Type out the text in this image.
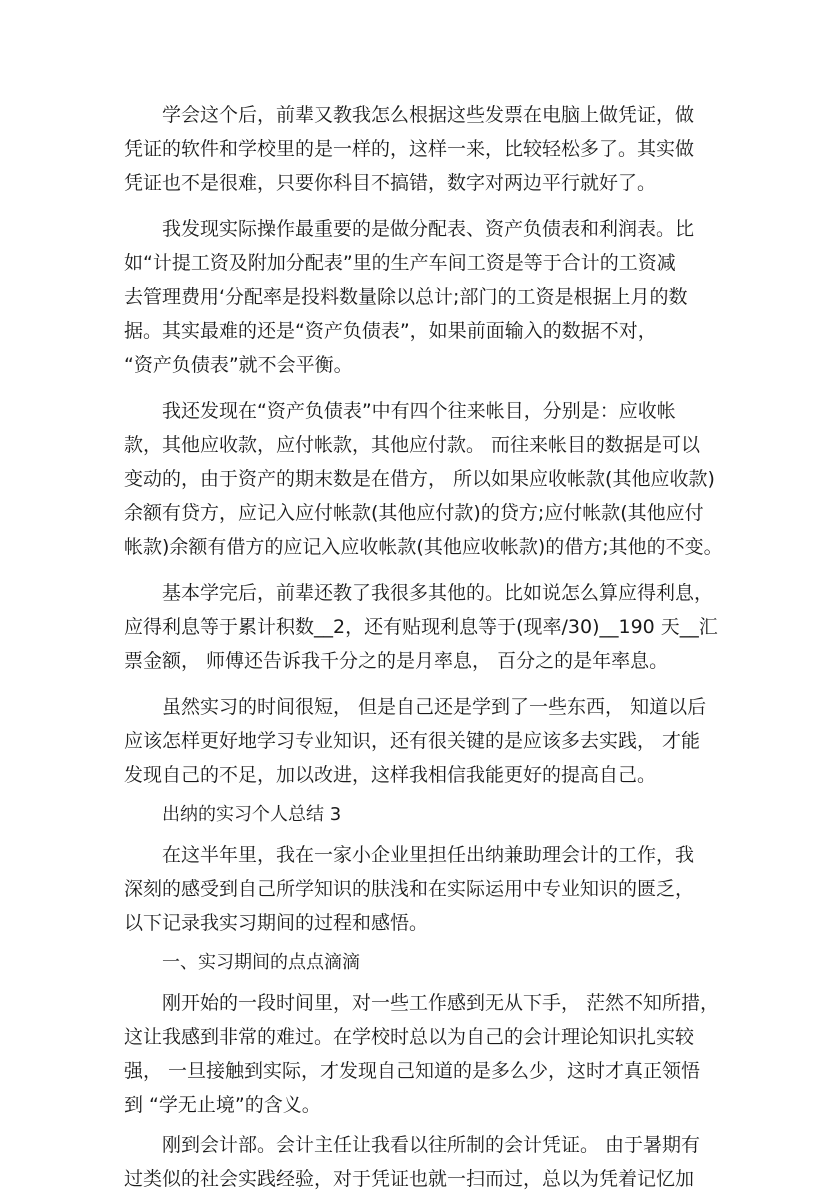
学会这个后，前辈又教我怎么根据这些发票在电脑上做凭证，做
凭证的软件和学校里的是一样的，这样一来，比较轻松多了。其实做
凭证也不是很难，只要你科目不搞错，数字对两边平行就好了。

我发现实际操作最重要的是做分配表、资产负债表和利润表。比
如“计提工资及附加分配表”里的生产车间工资是等于合计的工资减
去管理费用‘分配率是投料数量除以总计;部门的工资是根据上月的数
据。其实最难的还是“资产负债表”，如果前面输入的数据不对，
“资产负债表”就不会平衡。

我还发现在“资产负债表”中有四个往来帐目，分别是：应收帐
款，其他应收款，应付帐款，其他应付款。 而往来帐目的数据是可以
变动的，由于资产的期末数是在借方， 所以如果应收帐款(其他应收款)
余额有贷方，应记入应付帐款(其他应付款)的贷方;应付帐款(其他应付
帐款)余额有借方的应记入应收帐款(其他应收帐款)的借方;其他的不变。

基本学完后，前辈还教了我很多其他的。比如说怎么算应得利息，
应得利息等于累计积数__2，还有贴现利息等于(现率/30)__190 天__汇
票金额， 师傅还告诉我千分之的是月率息， 百分之的是年率息。

虽然实习的时间很短， 但是自己还是学到了一些东西， 知道以后
应该怎样更好地学习专业知识，还有很关键的是应该多去实践， 才能
发现自己的不足，加以改进，这样我相信我能更好的提高自己。

出纳的实习个人总结 3

在这半年里，我在一家小企业里担任出纳兼助理会计的工作，我
深刻的感受到自己所学知识的肤浅和在实际运用中专业知识的匮乏，
以下记录我实习期间的过程和感悟。

一、实习期间的点点滴滴

刚开始的一段时间里，对一些工作感到无从下手， 茫然不知所措，
这让我感到非常的难过。在学校时总以为自己的会计理论知识扎实较
强， 一旦接触到实际，才发现自己知道的是多么少，这时才真正领悟
到 “学无止境”的含义。

刚到会计部。会计主任让我看以往所制的会计凭证。 由于暑期有
过类似的社会实践经验，对于凭证也就一扫而过，总以为凭着记忆加
